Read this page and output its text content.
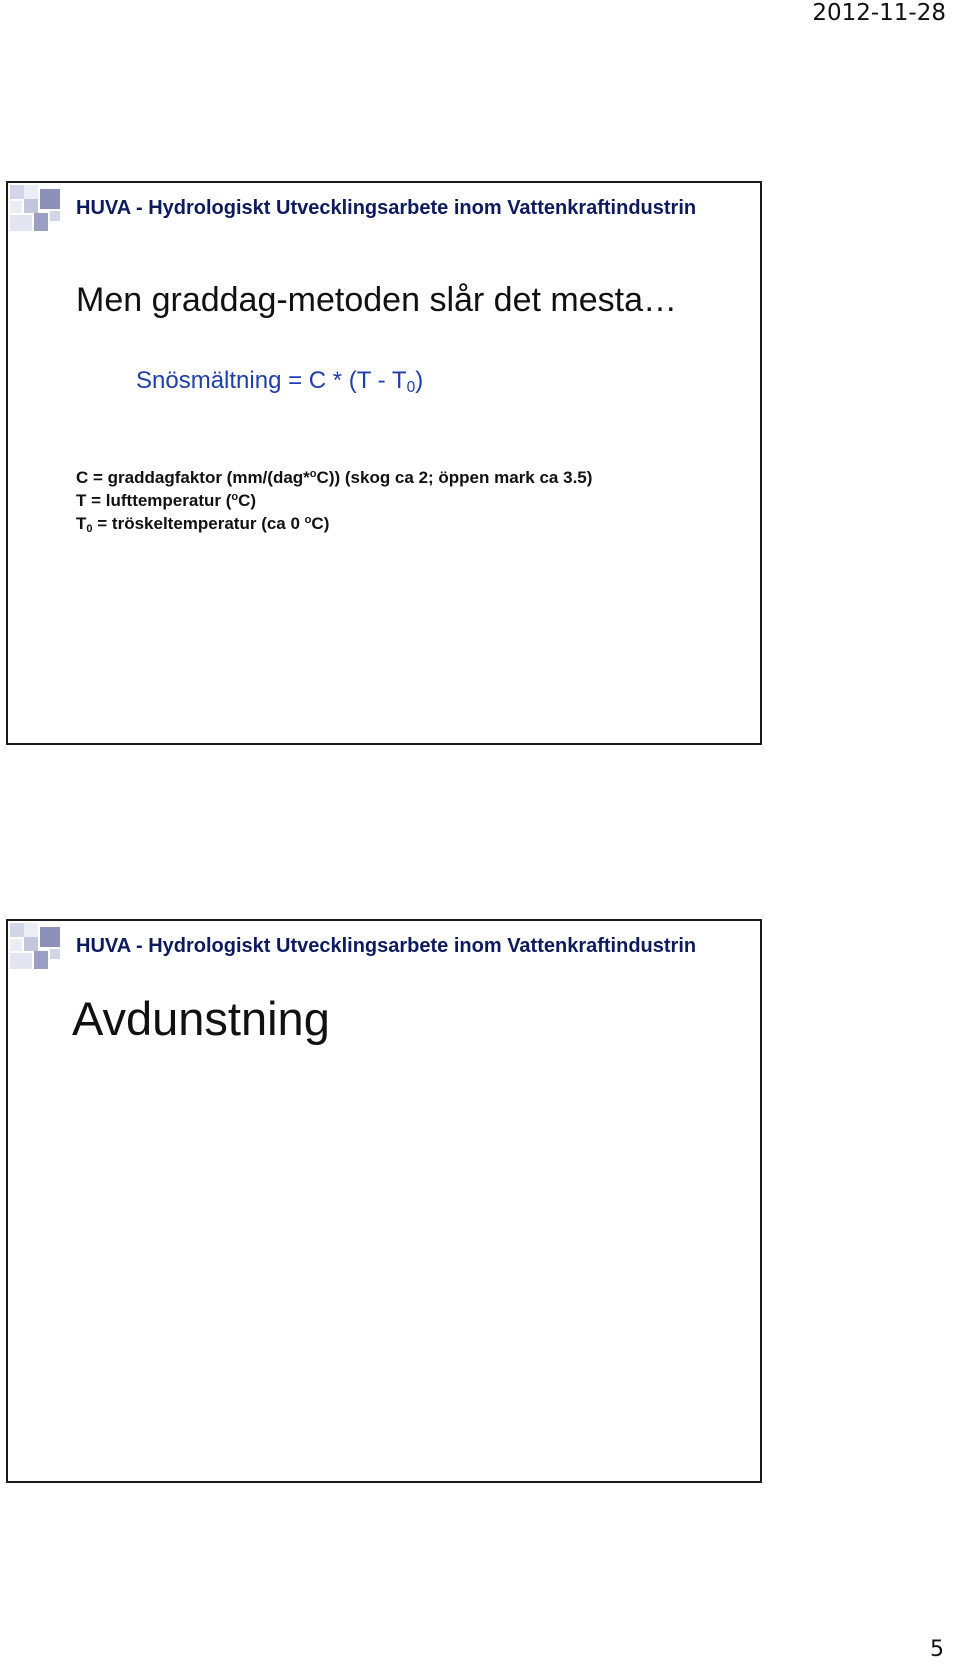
2012-11-28
HUVA - Hydrologiskt Utvecklingsarbete inom Vattenkraftindustrin
Men graddag-metoden slår det mesta…
Snösmältning = C * $(T - T_0)$
C = graddagfaktor (mm/(dag*$^o$C)) (skog ca 2; öppen mark ca 3.5)
T = lufttemperatur ($^o$C)
$T_0$ = tröskeltemperatur (ca 0 $^o$C)
HUVA - Hydrologiskt Utvecklingsarbete inom Vattenkraftindustrin
Avdunstning
5
